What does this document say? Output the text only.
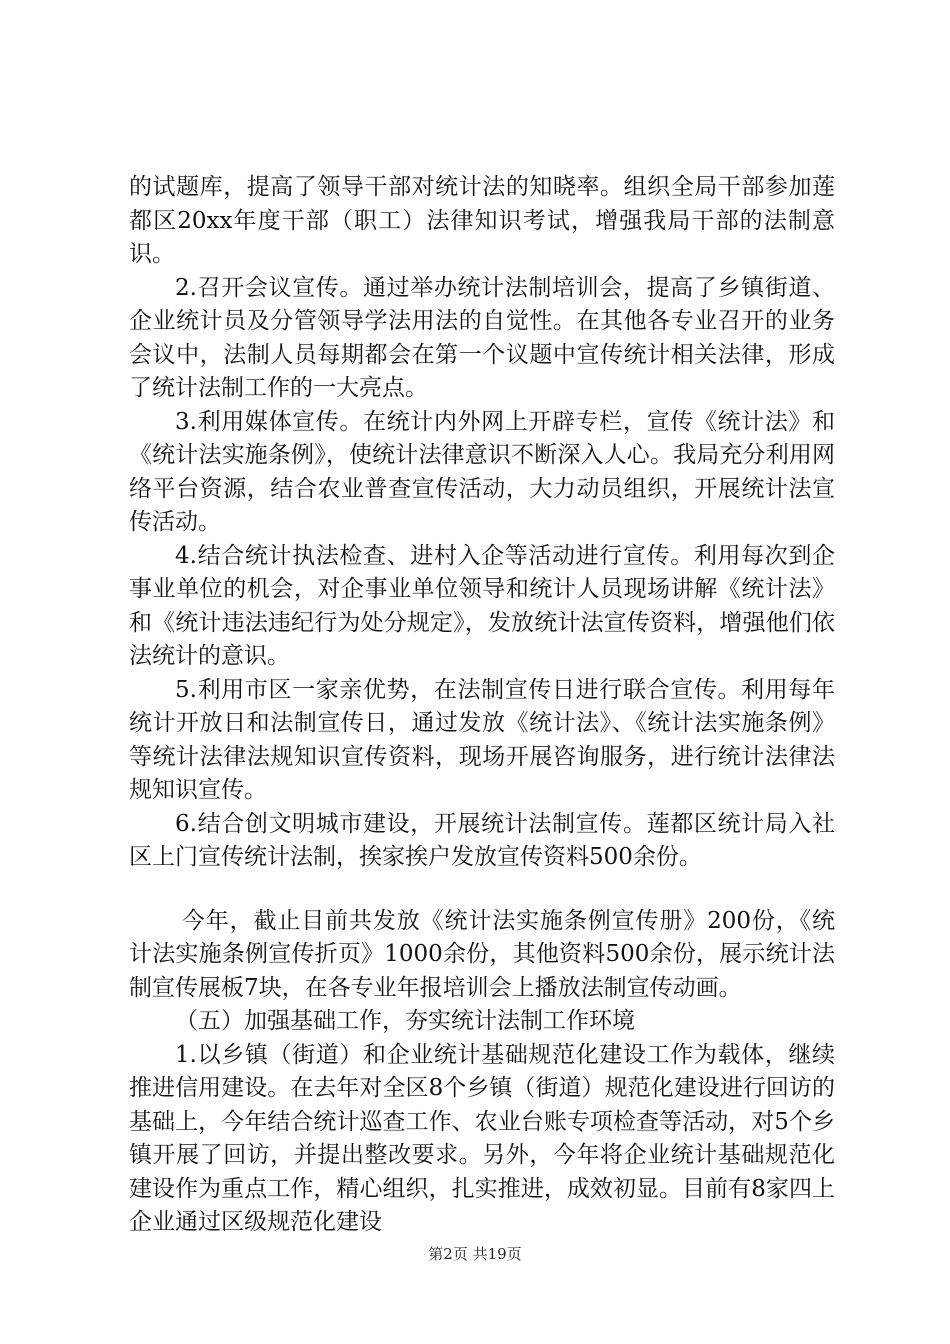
的试题库，提高了领导干部对统计法的知晓率。组织全局干部参加莲都区20xx年度干部（职工）法律知识考试，增强我局干部的法制意识。

2.召开会议宣传。通过举办统计法制培训会，提高了乡镇街道、企业统计员及分管领导学法用法的自觉性。在其他各专业召开的业务会议中，法制人员每期都会在第一个议题中宣传统计相关法律，形成了统计法制工作的一大亮点。

3.利用媒体宣传。在统计内外网上开辟专栏，宣传《统计法》和《统计法实施条例》，使统计法律意识不断深入人心。我局充分利用网络平台资源，结合农业普查宣传活动，大力动员组织，开展统计法宣传活动。

4.结合统计执法检查、进村入企等活动进行宣传。利用每次到企事业单位的机会，对企事业单位领导和统计人员现场讲解《统计法》和《统计违法违纪行为处分规定》，发放统计法宣传资料，增强他们依法统计的意识。

5.利用市区一家亲优势，在法制宣传日进行联合宣传。利用每年统计开放日和法制宣传日，通过发放《统计法》、《统计法实施条例》等统计法律法规知识宣传资料，现场开展咨询服务，进行统计法律法规知识宣传。

6.结合创文明城市建设，开展统计法制宣传。莲都区统计局入社区上门宣传统计法制，挨家挨户发放宣传资料500余份。

今年，截止目前共发放《统计法实施条例宣传册》200份，《统计法实施条例宣传折页》1000余份，其他资料500余份，展示统计法制宣传展板7块，在各专业年报培训会上播放法制宣传动画。

（五）加强基础工作，夯实统计法制工作环境

1.以乡镇（街道）和企业统计基础规范化建设工作为载体，继续推进信用建设。在去年对全区8个乡镇（街道）规范化建设进行回访的基础上，今年结合统计巡查工作、农业台账专项检查等活动，对5个乡镇开展了回访，并提出整改要求。另外，今年将企业统计基础规范化建设作为重点工作，精心组织，扎实推进，成效初显。目前有8家四上企业通过区级规范化建设

第2页 共19页
